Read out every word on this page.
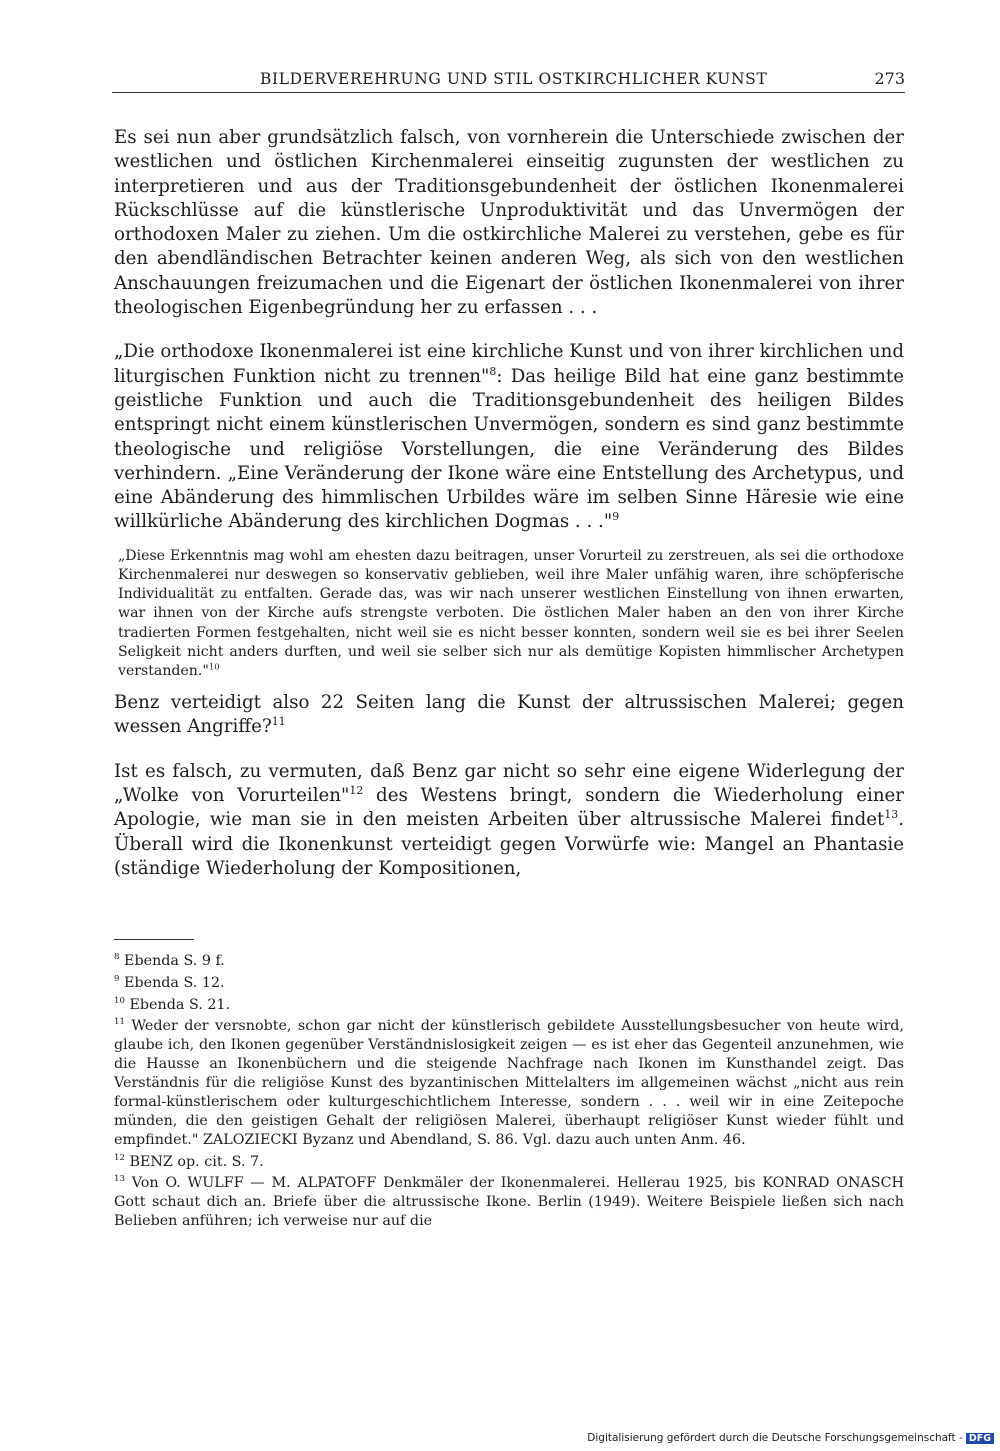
BILDERVEREHRUNG UND STIL OSTKIRCHLICHER KUNST	273

Es sei nun aber grundsätzlich falsch, von vornherein die Unterschiede zwischen der westlichen und östlichen Kirchenmalerei einseitig zugunsten der westlichen zu interpretieren und aus der Traditionsgebundenheit der östlichen Ikonenmalerei Rückschlüsse auf die künstlerische Unproduktivität und das Unvermögen der orthodoxen Maler zu ziehen. Um die ostkirchliche Malerei zu verstehen, gebe es für den abendländischen Betrachter keinen anderen Weg, als sich von den westlichen Anschauungen freizumachen und die Eigenart der östlichen Ikonenmalerei von ihrer theologischen Eigenbegründung her zu erfassen . . .

„Die orthodoxe Ikonenmalerei ist eine kirchliche Kunst und von ihrer kirchlichen und liturgischen Funktion nicht zu trennen"$^8$: Das heilige Bild hat eine ganz bestimmte geistliche Funktion und auch die Traditionsgebundenheit des heiligen Bildes entspringt nicht einem künstlerischen Unvermögen, sondern es sind ganz bestimmte theologische und religiöse Vorstellungen, die eine Veränderung des Bildes verhindern. „Eine Veränderung der Ikone wäre eine Entstellung des Archetypus, und eine Abänderung des himmlischen Urbildes wäre im selben Sinne Häresie wie eine willkürliche Abänderung des kirchlichen Dogmas . . ."$^9$

„Diese Erkenntnis mag wohl am ehesten dazu beitragen, unser Vorurteil zu zerstreuen, als sei die orthodoxe Kirchenmalerei nur deswegen so konservativ geblieben, weil ihre Maler unfähig waren, ihre schöpferische Individualität zu entfalten. Gerade das, was wir nach unserer westlichen Einstellung von ihnen erwarten, war ihnen von der Kirche aufs strengste verboten. Die östlichen Maler haben an den von ihrer Kirche tradierten Formen festgehalten, nicht weil sie es nicht besser konnten, sondern weil sie es bei ihrer Seelen Seligkeit nicht anders durften, und weil sie selber sich nur als demütige Kopisten himmlischer Archetypen verstanden."$^{10}$

Benz verteidigt also 22 Seiten lang die Kunst der altrussischen Malerei; gegen wessen Angriffe?$^{11}$

Ist es falsch, zu vermuten, daß Benz gar nicht so sehr eine eigene Widerlegung der „Wolke von Vorurteilen"$^{12}$ des Westens bringt, sondern die Wiederholung einer Apologie, wie man sie in den meisten Arbeiten über altrussische Malerei findet$^{13}$. Überall wird die Ikonenkunst verteidigt gegen Vorwürfe wie: Mangel an Phantasie (ständige Wiederholung der Kompositionen,

$^8$ Ebenda S. 9 f.

$^9$ Ebenda S. 12.

$^{10}$ Ebenda S. 21.

$^{11}$ Weder der versnobte, schon gar nicht der künstlerisch gebildete Ausstellungsbesucher von heute wird, glaube ich, den Ikonen gegenüber Verständnislosigkeit zeigen — es ist eher das Gegenteil anzunehmen, wie die Hausse an Ikonenbüchern und die steigende Nachfrage nach Ikonen im Kunsthandel zeigt. Das Verständnis für die religiöse Kunst des byzantinischen Mittelalters im allgemeinen wächst „nicht aus rein formal-künstlerischem oder kulturgeschichtlichem Interesse, sondern . . . weil wir in eine Zeitepoche münden, die den geistigen Gehalt der religiösen Malerei, überhaupt religiöser Kunst wieder fühlt und empfindet." ZALOZIECKI Byzanz und Abendland, S. 86. Vgl. dazu auch unten Anm. 46.

$^{12}$ BENZ op. cit. S. 7.

$^{13}$ Von O. WULFF — M. ALPATOFF Denkmäler der Ikonenmalerei. Hellerau 1925, bis KONRAD ONASCH Gott schaut dich an. Briefe über die altrussische Ikone. Berlin (1949). Weitere Beispiele ließen sich nach Belieben anführen; ich verweise nur auf die

Digitalisierung gefördert durch die Deutsche Forschungsgemeinschaft - DFG
